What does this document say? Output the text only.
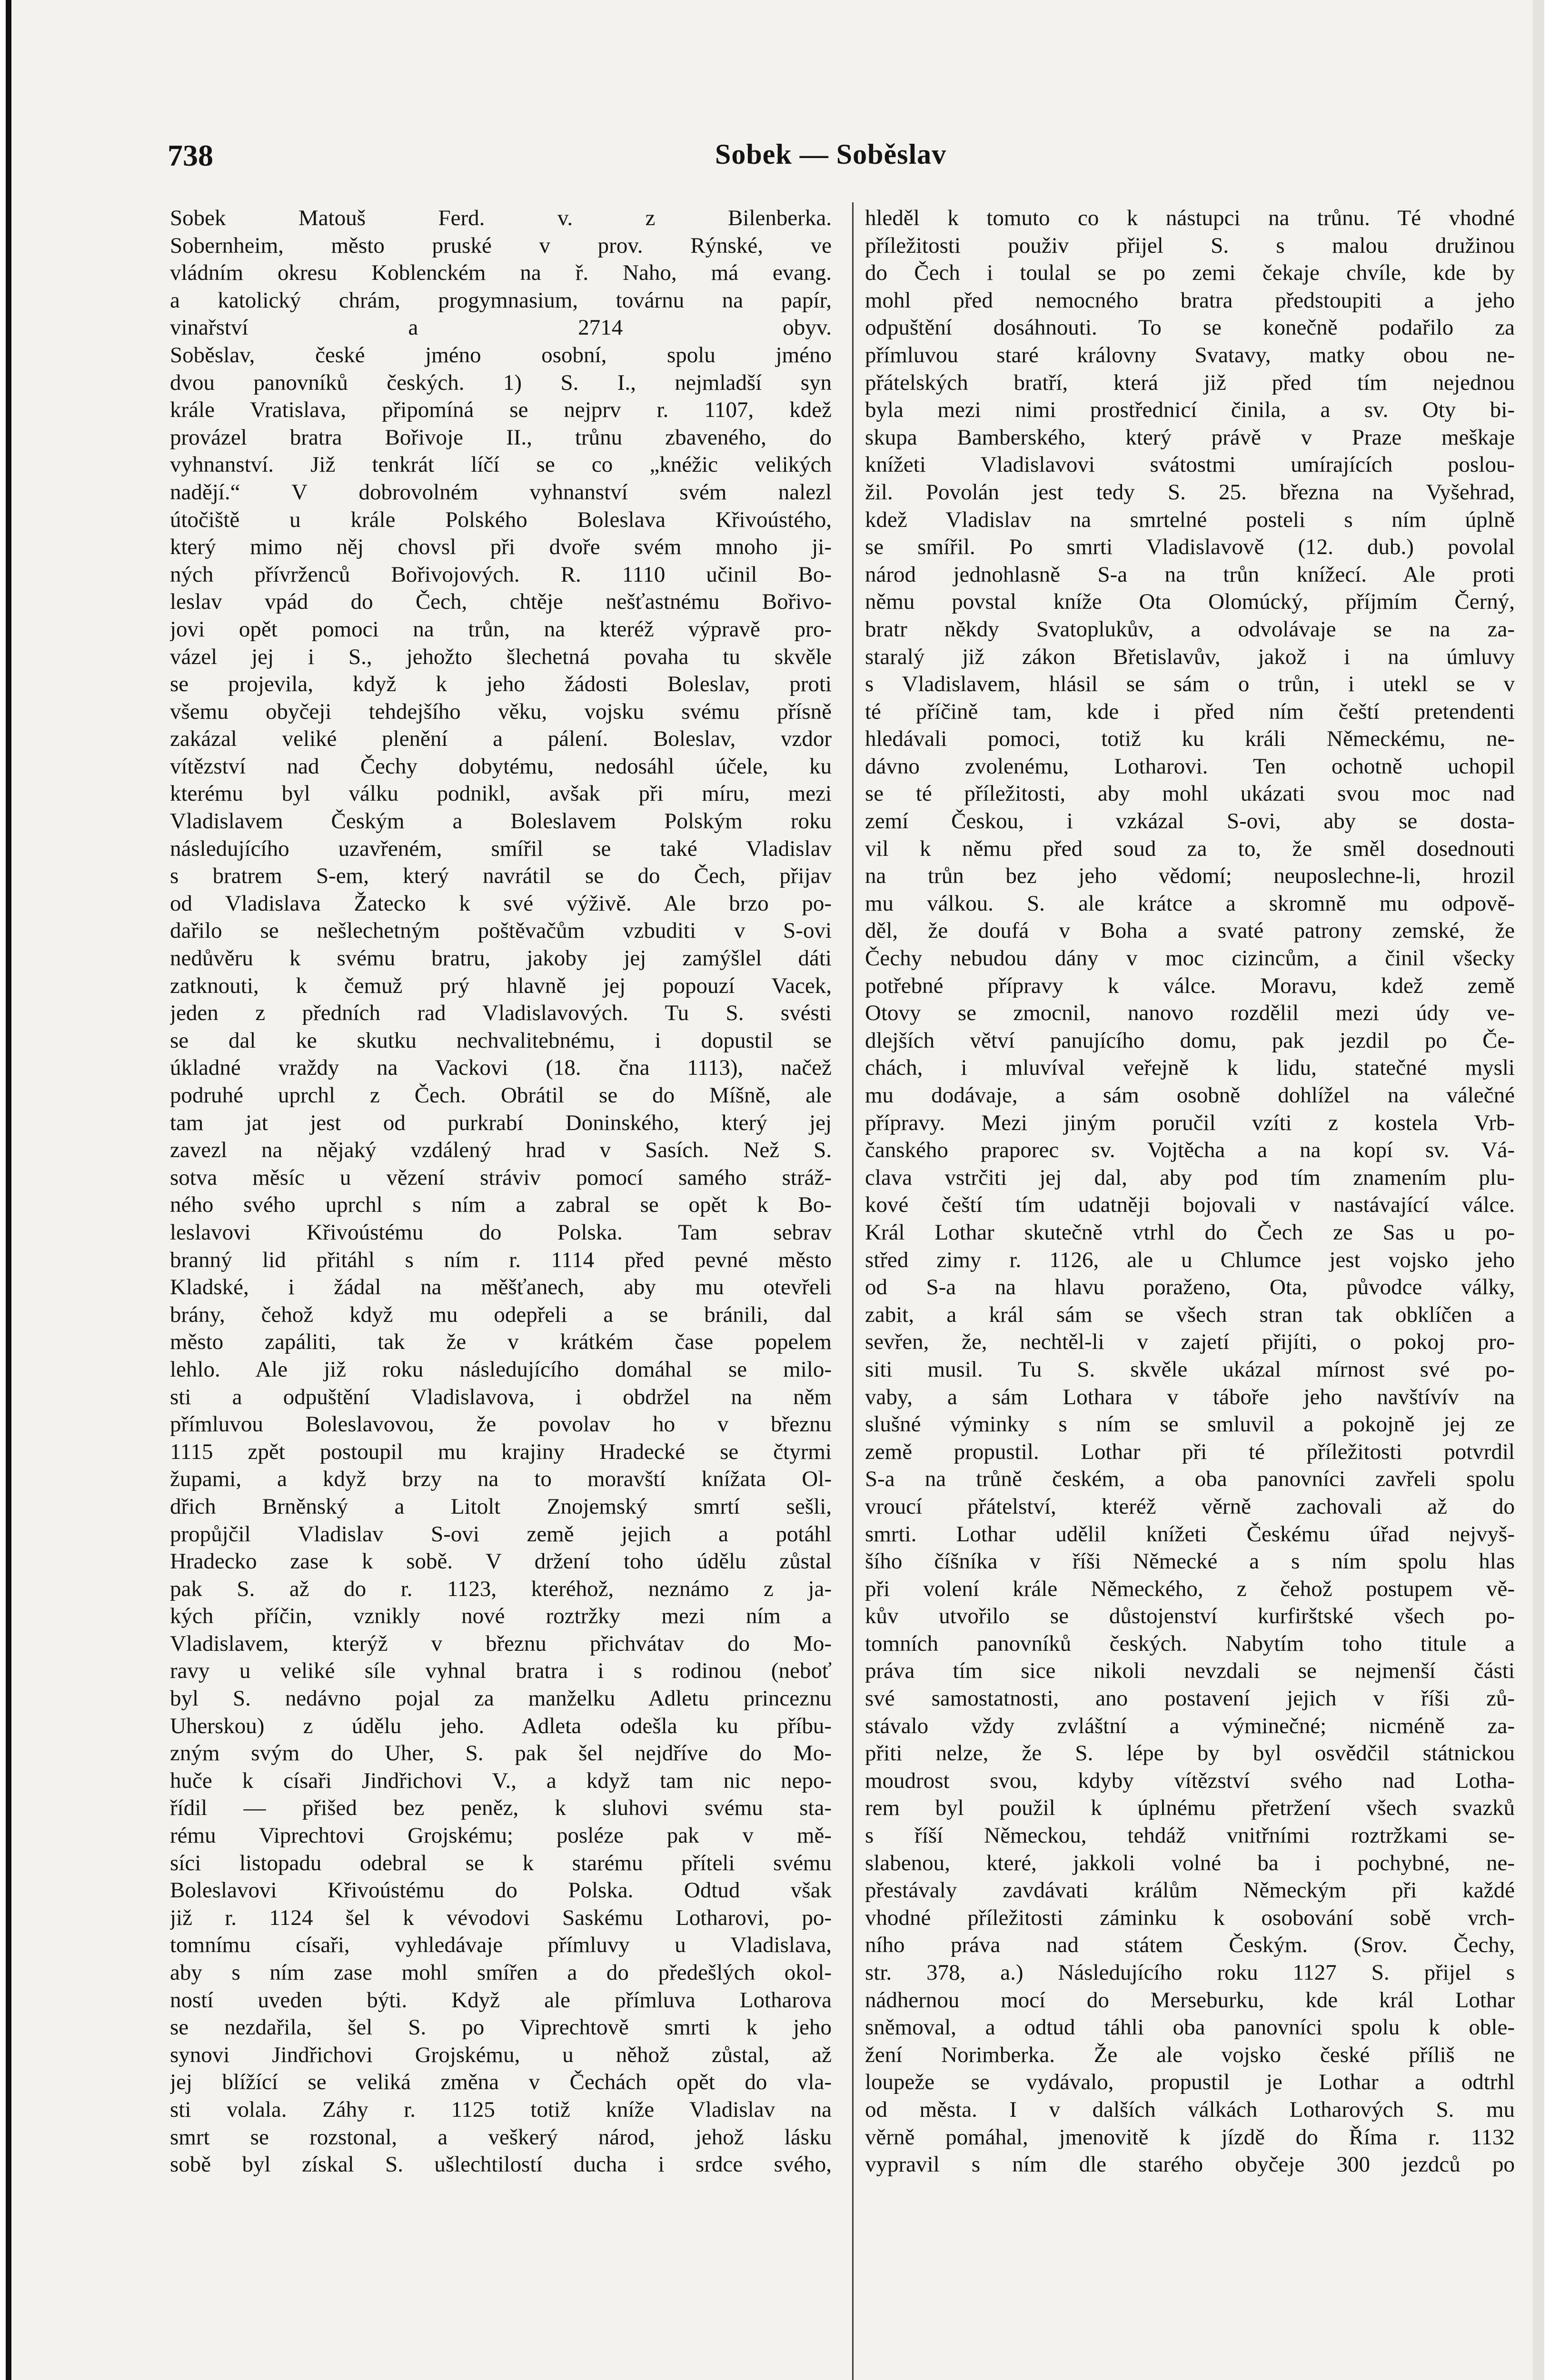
738	Sobek — Soběslav
Sobek Matouš Ferd. v. z Bilenberka.
Sobernheim, město pruské v prov. Rýnské, ve
vládním okresu Koblenckém na ř. Naho, má evang.
a katolický chrám, progymnasium, továrnu na papír,
vinařství a 2714 obyv.
Soběslav, české jméno osobní, spolu jméno
dvou panovníků českých. 1) S. I., nejmladší syn
krále Vratislava, připomíná se nejprv r. 1107, kdež
provázel bratra Bořivoje II., trůnu zbaveného, do
vyhnanství. Již tenkrát líčí se co „knéžic velikých
nadějí.“ V dobrovolném vyhnanství svém nalezl
útočiště u krále Polského Boleslava Křivoústého,
který mimo něj chovsl při dvoře svém mnoho ji-
ných přívrženců Bořivojových. R. 1110 učinil Bo-
leslav vpád do Čech, chtěje nešťastnému Bořivo-
jovi opět pomoci na trůn, na kteréž výpravě pro-
vázel jej i S., jehožto šlechetná povaha tu skvěle
se projevila, když k jeho žádosti Boleslav, proti
všemu obyčeji tehdejšího věku, vojsku svému přísně
zakázal veliké plenění a pálení. Boleslav, vzdor
vítězství nad Čechy dobytému, nedosáhl účele, ku
kterému byl válku podnikl, avšak při míru, mezi
Vladislavem Českým a Boleslavem Polským roku
následujícího uzavřeném, smířil se také Vladislav
s bratrem S-em, který navrátil se do Čech, přijav
od Vladislava Žatecko k své výživě. Ale brzo po-
dařilo se nešlechetným poštěvačům vzbuditi v S-ovi
nedůvěru k svému bratru, jakoby jej zamýšlel dáti
zatknouti, k čemuž prý hlavně jej popouzí Vacek,
jeden z předních rad Vladislavových. Tu S. svésti
se dal ke skutku nechvalitebnému, i dopustil se
úkladné vraždy na Vackovi (18. čna 1113), načež
podruhé uprchl z Čech. Obrátil se do Míšně, ale
tam jat jest od purkrabí Doninského, který jej
zavezl na nějaký vzdálený hrad v Sasích. Než S.
sotva měsíc u vězení stráviv pomocí samého stráž-
ného svého uprchl s ním a zabral se opět k Bo-
leslavovi Křivoústému do Polska. Tam sebrav
branný lid přitáhl s ním r. 1114 před pevné město
Kladské, i žádal na měšťanech, aby mu otevřeli
brány, čehož když mu odepřeli a se bránili, dal
město zapáliti, tak že v krátkém čase popelem
lehlo. Ale již roku následujícího domáhal se milo-
sti a odpuštění Vladislavova, i obdržel na něm
přímluvou Boleslavovou, že povolav ho v březnu
1115 zpět postoupil mu krajiny Hradecké se čtyrmi
župami, a když brzy na to moravští knížata Ol-
dřich Brněnský a Litolt Znojemský smrtí sešli,
propůjčil Vladislav S-ovi země jejich a potáhl
Hradecko zase k sobě. V držení toho údělu zůstal
pak S. až do r. 1123, kteréhož, neznámo z ja-
kých příčin, vznikly nové roztržky mezi ním a
Vladislavem, kterýž v březnu přichvátav do Mo-
ravy u veliké síle vyhnal bratra i s rodinou (neboť
byl S. nedávno pojal za manželku Adletu princeznu
Uherskou) z údělu jeho. Adleta odešla ku příbu-
zným svým do Uher, S. pak šel nejdříve do Mo-
huče k císaři Jindřichovi V., a když tam nic nepo-
řídil — přišed bez peněz, k sluhovi svému sta-
rému Viprechtovi Grojskému; posléze pak v mě-
síci listopadu odebral se k starému příteli svému
Boleslavovi Křivoústému do Polska. Odtud však
již r. 1124 šel k vévodovi Saskému Lotharovi, po-
tomnímu císaři, vyhledávaje přímluvy u Vladislava,
aby s ním zase mohl smířen a do předešlých okol-
ností uveden býti. Když ale přímluva Lotharova
se nezdařila, šel S. po Viprechtově smrti k jeho
synovi Jindřichovi Grojskému, u něhož zůstal, až
jej blížící se veliká změna v Čechách opět do vla-
sti volala. Záhy r. 1125 totiž kníže Vladislav na
smrt se rozstonal, a veškerý národ, jehož lásku
sobě byl získal S. ušlechtilostí ducha i srdce svého,
hleděl k tomuto co k nástupci na trůnu. Té vhodné
příležitosti použiv přijel S. s malou družinou
do Čech i toulal se po zemi čekaje chvíle, kde by
mohl před nemocného bratra předstoupiti a jeho
odpuštění dosáhnouti. To se konečně podařilo za
přímluvou staré královny Svatavy, matky obou ne-
přátelských bratří, která již před tím nejednou
byla mezi nimi prostřednicí činila, a sv. Oty bi-
skupa Bamberského, který právě v Praze meškaje
knížeti Vladislavovi svátostmi umírajících poslou-
žil. Povolán jest tedy S. 25. března na Vyšehrad,
kdež Vladislav na smrtelné posteli s ním úplně
se smířil. Po smrti Vladislavově (12. dub.) povolal
národ jednohlasně S-a na trůn knížecí. Ale proti
němu povstal kníže Ota Olomúcký, příjmím Černý,
bratr někdy Svatoplukův, a odvolávaje se na za-
staralý již zákon Břetislavův, jakož i na úmluvy
s Vladislavem, hlásil se sám o trůn, i utekl se v
té příčině tam, kde i před ním čeští pretendenti
hledávali pomoci, totiž ku králi Německému, ne-
dávno zvolenému, Lotharovi. Ten ochotně uchopil
se té příležitosti, aby mohl ukázati svou moc nad
zemí Českou, i vzkázal S-ovi, aby se dosta-
vil k němu před soud za to, že směl dosednouti
na trůn bez jeho vědomí; neuposlechne-li, hrozil
mu válkou. S. ale krátce a skromně mu odpově-
děl, že doufá v Boha a svaté patrony zemské, že
Čechy nebudou dány v moc cizincům, a činil všecky
potřebné přípravy k válce. Moravu, kdež země
Otovy se zmocnil, nanovo rozdělil mezi údy ve-
dlejších větví panujícího domu, pak jezdil po Če-
chách, i mluvíval veřejně k lidu, statečné mysli
mu dodávaje, a sám osobně dohlížel na válečné
přípravy. Mezi jiným poručil vzíti z kostela Vrb-
čanského praporec sv. Vojtěcha a na kopí sv. Vá-
clava vstrčiti jej dal, aby pod tím znamením plu-
kové čeští tím udatněji bojovali v nastávající válce.
Král Lothar skutečně vtrhl do Čech ze Sas u po-
střed zimy r. 1126, ale u Chlumce jest vojsko jeho
od S-a na hlavu poraženo, Ota, původce války,
zabit, a král sám se všech stran tak obklíčen a
sevřen, že, nechtěl-li v zajetí přijíti, o pokoj pro-
siti musil. Tu S. skvěle ukázal mírnost své po-
vaby, a sám Lothara v táboře jeho navštívív na
slušné výminky s ním se smluvil a pokojně jej ze
země propustil. Lothar při té příležitosti potvrdil
S-a na trůně českém, a oba panovníci zavřeli spolu
vroucí přátelství, kteréž věrně zachovali až do
smrti. Lothar udělil knížeti Českému úřad nejvyš-
šího číšníka v říši Německé a s ním spolu hlas
při volení krále Německého, z čehož postupem vě-
kův utvořilo se důstojenství kurfirštské všech po-
tomních panovníků českých. Nabytím toho titule a
práva tím sice nikoli nevzdali se nejmenší části
své samostatnosti, ano postavení jejich v říši zů-
stávalo vždy zvláštní a výminečné; nicméně za-
přiti nelze, že S. lépe by byl osvědčil státnickou
moudrost svou, kdyby vítězství svého nad Lotha-
rem byl použil k úplnému přetržení všech svazků
s říší Německou, tehdáž vnitřními roztržkami se-
slabenou, které, jakkoli volné ba i pochybné, ne-
přestávaly zavdávati králům Německým při každé
vhodné příležitosti záminku k osobování sobě vrch-
ního práva nad státem Českým. (Srov. Čechy,
str. 378, a.) Následujícího roku 1127 S. přijel s
nádhernou mocí do Merseburku, kde král Lothar
sněmoval, a odtud táhli oba panovníci spolu k oble-
žení Norimberka. Že ale vojsko české příliš ne
loupeže se vydávalo, propustil je Lothar a odtrhl
od města. I v dalších válkách Lotharových S. mu
věrně pomáhal, jmenovitě k jízdě do Říma r. 1132
vypravil s ním dle starého obyčeje 300 jezdců po
